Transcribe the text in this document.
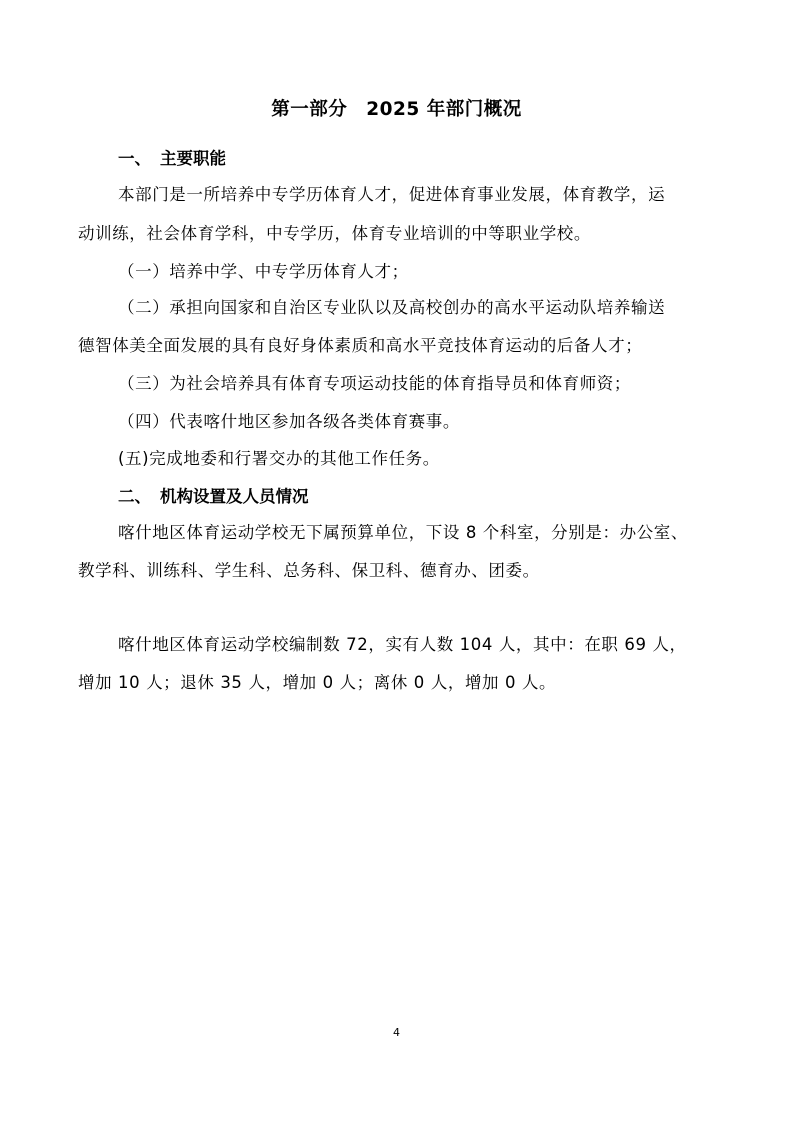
第一部分　2025 年部门概况
一、 主要职能
本部门是一所培养中专学历体育人才，促进体育事业发展，体育教学，运
动训练，社会体育学科，中专学历，体育专业培训的中等职业学校。
（一）培养中学、中专学历体育人才；
（二）承担向国家和自治区专业队以及高校创办的高水平运动队培养输送
德智体美全面发展的具有良好身体素质和高水平竞技体育运动的后备人才；
（三）为社会培养具有体育专项运动技能的体育指导员和体育师资；
（四）代表喀什地区参加各级各类体育赛事。
(五)完成地委和行署交办的其他工作任务。
二、 机构设置及人员情况
喀什地区体育运动学校无下属预算单位，下设 8 个科室，分别是：办公室、
教学科、训练科、学生科、总务科、保卫科、德育办、团委。
喀什地区体育运动学校编制数 72，实有人数 104 人，其中：在职 69 人，
增加 10 人；退休 35 人，增加 0 人；离休 0 人，增加 0 人。
4
